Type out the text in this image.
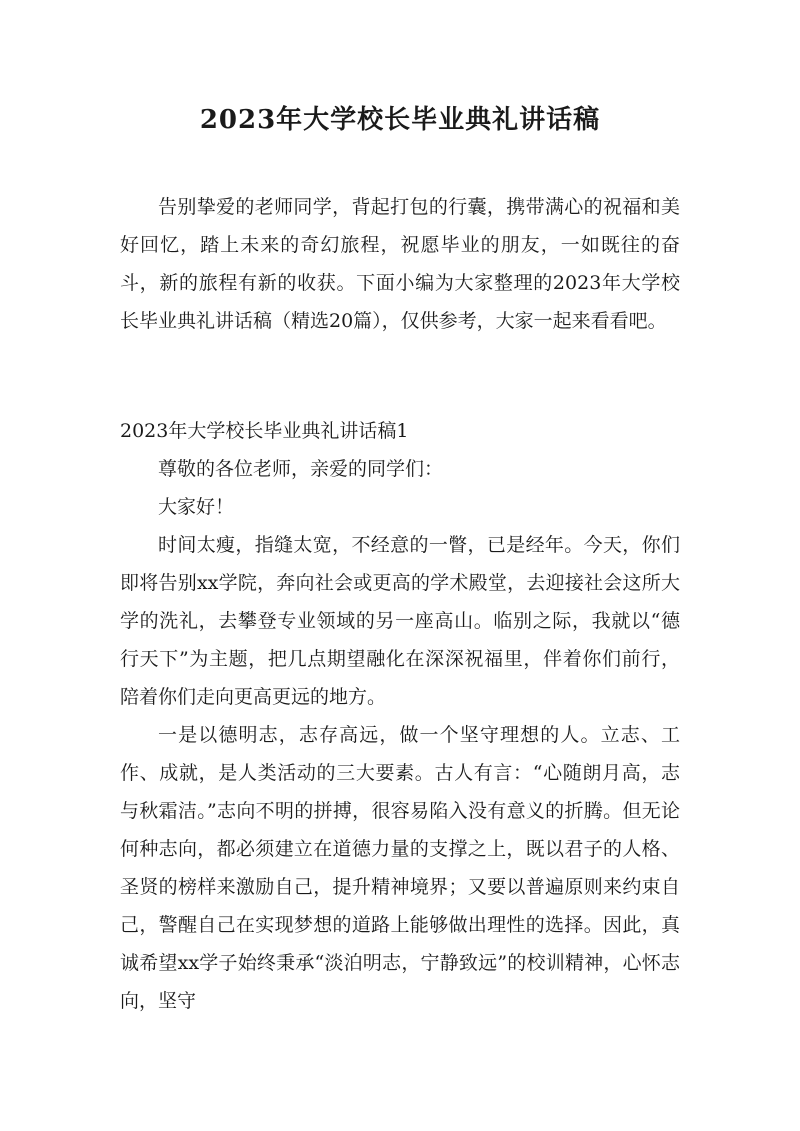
2023年大学校长毕业典礼讲话稿

告别挚爱的老师同学，背起打包的行囊，携带满心的祝福和美好回忆，踏上未来的奇幻旅程，祝愿毕业的朋友，一如既往的奋斗，新的旅程有新的收获。下面小编为大家整理的2023年大学校长毕业典礼讲话稿（精选20篇），仅供参考，大家一起来看看吧。

2023年大学校长毕业典礼讲话稿1

尊敬的各位老师，亲爱的同学们：

大家好！

时间太瘦，指缝太宽，不经意的一瞥，已是经年。今天，你们即将告别xx学院，奔向社会或更高的学术殿堂，去迎接社会这所大学的洗礼，去攀登专业领域的另一座高山。临别之际，我就以“德行天下”为主题，把几点期望融化在深深祝福里，伴着你们前行，陪着你们走向更高更远的地方。

一是以德明志，志存高远，做一个坚守理想的人。立志、工作、成就，是人类活动的三大要素。古人有言：“心随朗月高，志与秋霜洁。”志向不明的拼搏，很容易陷入没有意义的折腾。但无论何种志向，都必须建立在道德力量的支撑之上，既以君子的人格、圣贤的榜样来激励自己，提升精神境界；又要以普遍原则来约束自己，警醒自己在实现梦想的道路上能够做出理性的选择。因此，真诚希望xx学子始终秉承“淡泊明志，宁静致远”的校训精神，心怀志向，坚守
